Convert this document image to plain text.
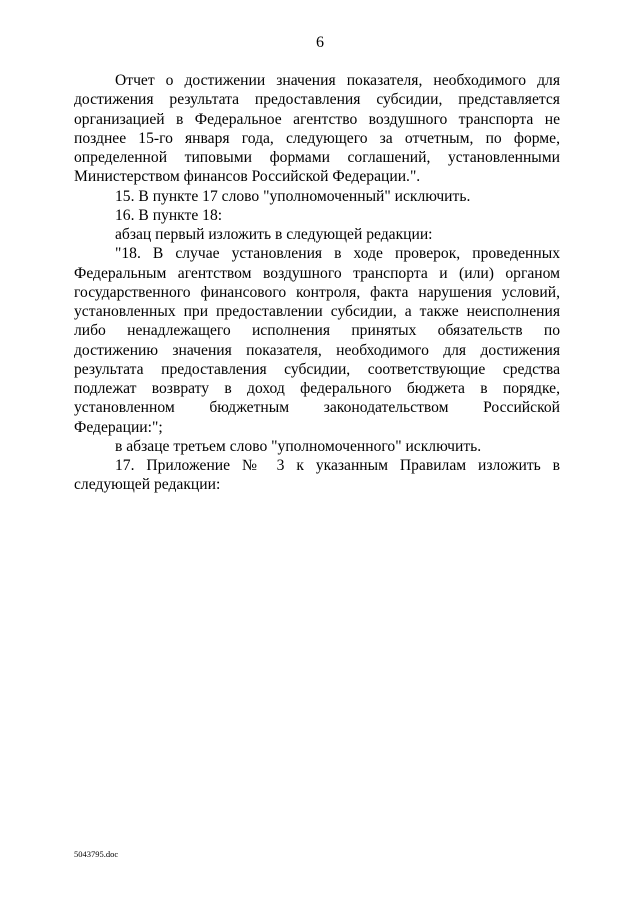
6

Отчет о достижении значения показателя, необходимого для достижения результата предоставления субсидии, представляется организацией в Федеральное агентство воздушного транспорта не позднее 15-го января года, следующего за отчетным, по форме, определенной типовыми формами соглашений, установленными Министерством финансов Российской Федерации.".

15. В пункте 17 слово "уполномоченный" исключить.

16. В пункте 18:

абзац первый изложить в следующей редакции:

"18. В случае установления в ходе проверок, проведенных Федеральным агентством воздушного транспорта и (или) органом государственного финансового контроля, факта нарушения условий, установленных при предоставлении субсидии, а также неисполнения либо ненадлежащего исполнения принятых обязательств по достижению значения показателя, необходимого для достижения результата предоставления субсидии, соответствующие средства подлежат возврату в доход федерального бюджета в порядке, установленном бюджетным законодательством Российской Федерации:";

в абзаце третьем слово "уполномоченного" исключить.

17. Приложение № 3 к указанным Правилам изложить в следующей редакции:

5043795.doc
